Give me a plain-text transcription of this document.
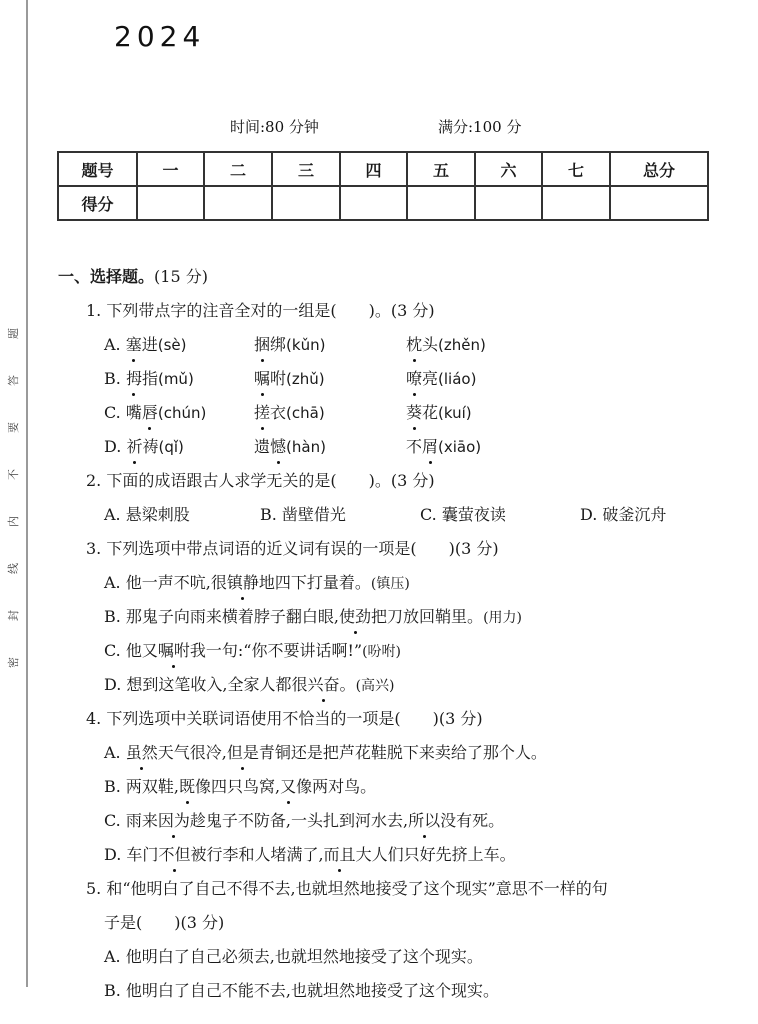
题
答
要
不
内
线
封
密
2024
时间:80 分钟	满分:100 分
题号	一	二	三	四	五	六	七	总分
得分								
一、选择题。(15 分)
1. 下列带点字的注音全对的一组是(　　)。(3 分)
A. 塞进(sè)	捆绑(kǔn)	枕头(zhěn)
B. 拇指(mǔ)	嘱咐(zhǔ)	嘹亮(liáo)
C. 嘴唇(chún)	搓衣(chā)	葵花(kuí)
D. 祈祷(qǐ)	遗憾(hàn)	不屑(xiāo)
2. 下面的成语跟古人求学无关的是(　　)。(3 分)
A. 悬梁刺股	B. 凿壁借光	C. 囊萤夜读	D. 破釜沉舟
3. 下列选项中带点词语的近义词有误的一项是(　　)(3 分)
A. 他一声不吭,很镇静地四下打量着。(镇压)
B. 那鬼子向雨来横着脖子翻白眼,使劲把刀放回鞘里。(用力)
C. 他又嘱咐我一句:“你不要讲话啊!”(吩咐)
D. 想到这笔收入,全家人都很兴奋。(高兴)
4. 下列选项中关联词语使用不恰当的一项是(　　)(3 分)
A. 虽然天气很冷,但是青铜还是把芦花鞋脱下来卖给了那个人。
B. 两双鞋,既像四只鸟窝,又像两对鸟。
C. 雨来因为趁鬼子不防备,一头扎到河水去,所以没有死。
D. 车门不但被行李和人堵满了,而且大人们只好先挤上车。
5. 和“他明白了自己不得不去,也就坦然地接受了这个现实”意思不一样的句
子是(　　)(3 分)
A. 他明白了自己必须去,也就坦然地接受了这个现实。
B. 他明白了自己不能不去,也就坦然地接受了这个现实。
